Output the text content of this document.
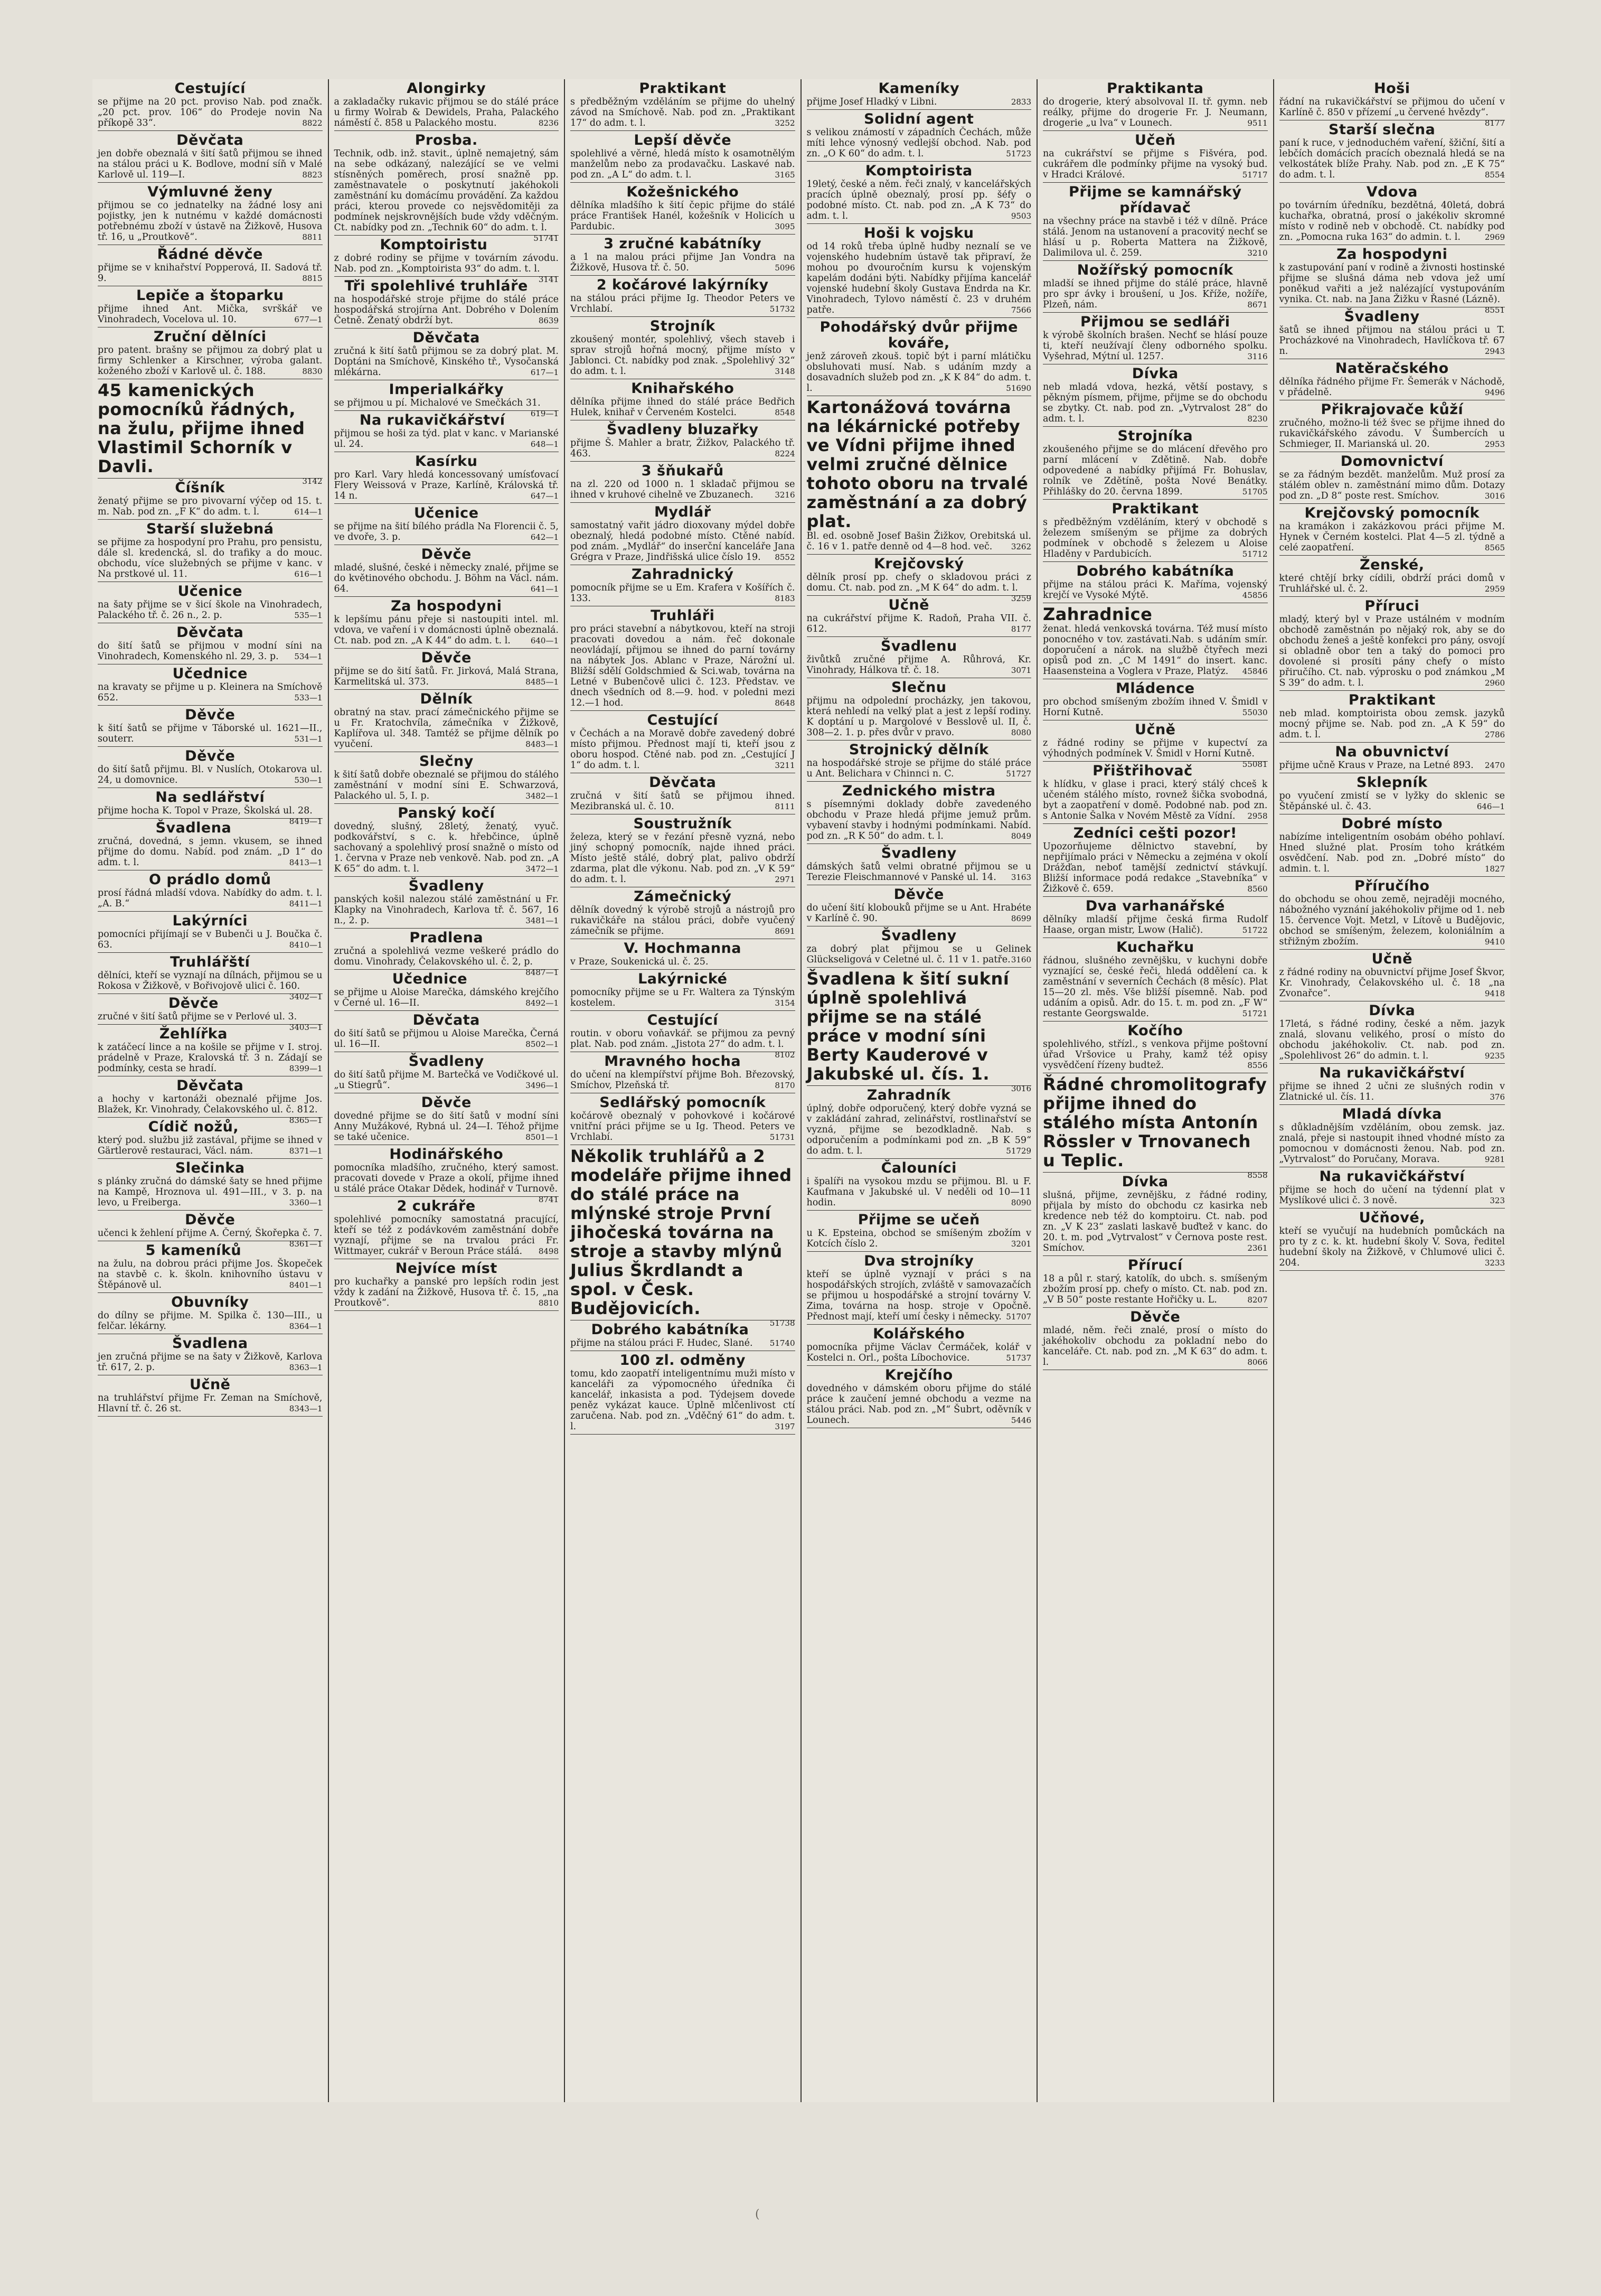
Cestující
se přijme na 20 pct. proviso Nab. pod značk. „20 pct. prov. 106“ do Prodeje novin Na příkopě 33“.	8822
Děvčata
jen dobře obeznalá v šití šatů přijmou se ihned na stálou práci u K. Bodlove, modní síň v Malé Karlově ul. 119—I.	8823
Výmluvné ženy
přijmou se co jednatelky na žádné losy ani pojistky, jen k nutnému v každé domácnosti potřebnému zboží v ústavě na Žižkově, Husova tř. 16, u „Proutkově“.	8811
Řádné děvče
přijme se v knihařství Popperová, II. Sadová tř. 9.	8815
Lepiče a štoparku
přijme ihned Ant. Mička, svrškář ve Vinohradech, Vocelova ul. 10.	677—1
Zruční dělníci
pro patent. brašny se přijmou za dobrý plat u firmy Schlenker a Kirschner, výroba galant. koženého zboží v Karlově ul. č. 188.	8830
45 kamenických pomocníků řádných, na žulu, přijme ihned Vlastimil Schorník v Davli.
3142
Číšník
ženatý přijme se pro pivovarní výčep od 15. t. m. Nab. pod zn. „F K“ do adm. t. l.	614—1
Starší služebná
se přijme za hospodyní pro Prahu, pro pensistu, dále sl. kredencká, sl. do trafiky a do mouc. obchodu, více služebných se přijme v kanc. v Na prstkové ul. 11.	616—1
Učenice
na šaty přijme se v šicí škole na Vinohradech, Palackého tř. č. 26 n., 2. p.	535—1
Děvčata
do šití šatů se přijmou v modní síni na Vinohradech, Komenského nl. 29, 3. p. 534—1
Učednice
na kravaty se přijme u p. Kleinera na Smíchově 652.	533—1
Děvče
k šití šatů se přijme v Táborské ul. 1621—II., souterr.	531—1
Děvče
do šití šatů přijmu. Bl. v Nuslích, Otokarova ul. 24, u domovnice.	530—1
Na sedlářství
přijme hocha K. Topol v Praze, Školská ul. 28.
8419—1
Švadlena
zručná, dovedná, s jemn. vkusem, se ihned přijme do domu. Nabíd. pod znám. „D 1“ do adm. t. l.	8413—1
O prádlo domů
prosí řádná mladší vdova. Nabídky do adm. t. l. „A. B.“	8411—1
Lakýrníci
pomocníci přijímají se v Bubenči u J. Boučka č. 63.	8410—1
Truhlářští
dělníci, kteří se vyznají na dílnách, přijmou se u Rokosa v Žižkově, v Bořivojově ulici č. 160.
3402—1
Děvče
zručné v šití šatů přijme se v Perlové ul. 3.
3403—1
Žehlířka
k zatáčecí lince a na košile se přijme v I. stroj. prádelně v Praze, Kralovská tř. 3 n. Zádají se podmínky, cesta se hradí.	8399—1
Děvčata
a hochy v kartonáži obeznalé přijme Jos. Blažek, Kr. Vinohrady, Čelakovského ul. č. 812.
8365—1
Cídič nožů,
který pod. službu již zastával, přijme se ihned v Gärtlerově restauraci, Václ. nám.	8371—1
Slečinka
s plánky zručná do dámské šaty se hned přijme na Kampě, Hroznova ul. 491—III., v 3. p. na levo, u Freiberga.	3360—1
Děvče
učenci k žehlení přijme A. Černý, Škořepka č. 7.
8361—1
5 kameníků
na žulu, na dobrou práci přijme Jos. Škopeček na stavbě c. k. školn. knihovního ústavu v Štěpánově ul.	8401—1
Obuvníky
do dílny se přijme. M. Spilka č. 130—III., u felčar. lékárny.	8364—1
Švadlena
jen zručná přijme se na šaty v Žižkově, Karlova tř. 617, 2. p.	8363—1
Učně
na truhlářství přijme Fr. Zeman na Smíchově, Hlavní tř. č. 26 st.	8343—1
Alongirky
a zakladačky rukavic přijmou se do stálé práce u firmy Wolrab & Dewidels, Praha, Palackého náměstí č. 858 u Palackého mostu.	8236
Prosba.
Technik, odb. inž. stavit., úplně nemajetný, sám na sebe odkázaný, nalezájící se ve velmi stísněných poměrech, prosí snažně pp. zaměstnavatele o poskytnutí jakéhokoli zaměstnání ku domácímu provádění. Za každou práci, kterou provede co nejsvědomitěji za podmínek nejskrovnějších bude vždy vděčným. Ct. nabídky pod zn. „Technik 60“ do adm. t. l.
51741
Komptoiristu
z dobré rodiny se přijme v továrním závodu. Nab. pod zn. „Komptoirista 93“ do adm. t. l.
3141
Tři spolehlivé truhláře
na hospodářské stroje přijme do stálé práce hospodářská strojírna Ant. Dobrého v Dolením Četně. Ženatý obdrží byt.	8639
Děvčata
zručná k šití šatů přijmou se za dobrý plat. M. Doptáni na Smíchově, Kinského tř., Vysočanská mlékárna.	617—1
Imperialkářky
se přijmou u pí. Michalové ve Smečkách 31.
619—1
Na rukavičkářství
přijmou se hoši za týd. plat v kanc. v Marianské ul. 24.	648—1
Kasírku
pro Karl. Vary hledá koncessovaný umísťovací Flery Weissová v Praze, Karlíně, Královská tř. 14 n.	647—1
Učenice
se přijme na šití bílého prádla Na Florencii č. 5, ve dvoře, 3. p.	642—1
Děvče
mladé, slušné, české i německy znalé, přijme se do květinového obchodu. J. Böhm na Václ. nám. 64.	641—1
Za hospodyni
k lepšímu pánu přeje si nastoupiti intel. ml. vdova, ve vaření i v domácnosti úplně obeznalá. Ct. nab. pod zn. „A K 44“ do adm. t. l.	640—1
Děvče
přijme se do šití šatů. Fr. Jirková, Malá Strana, Karmelitská ul. 373.	8485—1
Dělník
obratný na stav. prací zámečnického přijme se u Fr. Kratochvíla, zámečníka v Žižkově, Kaplířova ul. 348. Tamtéž se přijme dělník po vyučení.	8483—1
Slečny
k šití šatů dobře obeznalé se přijmou do stálého zaměstnání v modní síni E. Schwarzová, Palackého ul. 5, I. p.	3482—1
Panský kočí
dovedný, slušný, 28letý, ženatý, vyuč. podkovářství, s c. k. hřebčince, úplně sachovaný a spolehlivý prosí snažně o místo od 1. června v Praze neb venkově. Nab. pod zn. „A K 65“ do adm. t. l.	3472—1
Švadleny
panských košil nalezou stálé zaměstnání u Fr. Klapky na Vinohradech, Karlova tř. č. 567, 16 n., 2. p.	3481—1
Pradlena
zručná a spolehlivá vezme veškeré prádlo do domu. Vinohrady, Čelakovského ul. č. 2, p.
8487—1
Učednice
se přijme u Aloise Marečka, dámského krejčího v Černé ul. 16—II.	8492—1
Děvčata
do šití šatů se přijmou u Aloise Marečka, Černá ul. 16—II.	8502—1
Švadleny
do šití šatů přijme M. Bartečká ve Vodičkové ul. „u Stiegrů“.	3496—1
Děvče
dovedné přijme se do šití šatů v modní síni Anny Mužákové, Rybná ul. 24—I. Téhož přijme se také učenice.	8501—1
Hodinářského
pomocníka mladšího, zručného, který samost. pracovati dovede v Praze a okolí, přijme ihned u stálé práce Otakar Dědek, hodinář v Turnově.
8741
2 cukráře
spolehlivé pomocníky samostatná pracující, kteří se též z podávkovém zaměstnání dobře vyznají, přijme se na trvalou práci Fr. Wittmayer, cukrář v Beroun Práce stálá. 8498
Nejvíce míst
pro kuchařky a panské pro lepších rodin jest vždy k zadání na Žižkově, Husova tř. č. 15, „na Proutkově“.	8810
Praktikant
s předběžným vzděláním se přijme do uhelný závod na Smíchově. Nab. pod zn. „Praktikant 17“ do adm. t. l.	3252
Lepší děvče
spolehlivé a věrné, hledá místo k osamotnělým manželům nebo za prodavačku. Laskavé nab. pod zn. „A L“ do adm. t. l.	3165
Kožešnického
dělníka mladšího k šití čepic přijme do stálé práce František Hanél, kožešník v Holicích u Pardubic.	3095
3 zručné kabátníky
a 1 na malou práci přijme Jan Vondra na Žižkově, Husova tř. č. 50.	5096
2 kočárové lakýrníky
na stálou práci přijme Ig. Theodor Peters ve Vrchlabí.	51732
Strojník
zkoušený montér, spolehlivý, všech staveb i sprav strojů hořná mocný, přijme místo v Jablonci. Ct. nabídky pod znak. „Spolehlivý 32“ do adm. t. l.	3148
Knihařského
dělníka přijme ihned do stálé práce Bedřich Hulek, knihař v Červeném Kostelci.	8548
Švadleny bluzařky
přijme Š. Mahler a bratr, Žižkov, Palackého tř. 463.	8224
3 šňukařů
na zl. 220 od 1000 n. 1 skladač přijmou se ihned v kruhové cihelně ve Zbuzanech.	3216
Mydlář
samostatný vařit jádro dioxovany mýdel dobře obeznalý, hledá podobné místo. Ctěné nabíd. pod znám. „Mydlář“ do inserční kanceláře Jana Grégra v Praze, Jindřišská ulice číslo 19. 8552
Zahradnický
pomocník přijme se u Em. Krafera v Košířích č. 133.	8183
Truhláři
pro práci stavební a nábytkovou, kteří na stroji pracovati dovedou a nám. řeč dokonale neovládají, přijmou se ihned do parní továrny na nábytek Jos. Ablanc v Praze, Nárožní ul. Bližší sdělí Goldschmied & Sci.wab, továrna na Letné v Bubenčově ulici č. 123. Představ. ve dnech všedních od 8.—9. hod. v poledni mezi 12.—1 hod.	8648
Cestující
v Čechách a na Moravě dobře zavedený dobré místo přijmou. Přednost mají ti, kteří jsou z oboru hospod. Ctěné nab. pod zn. „Cestující J 1“ do adm. t. l.	3211
Děvčata
zručná v šití šatů se přijmou ihned. Mezibranská ul. č. 10.	8111
Soustružník
železa, který se v řezání přesně vyzná, nebo jiný schopný pomocník, najde ihned práci. Místo ještě stálé, dobrý plat, palivo obdrží zdarma, plat dle výkonu. Nab. pod zn. „V K 59“ do adm. t. l.	2971
Zámečnický
dělník dovedný k výrobě strojů a nástrojů pro rukavičkáře na stálou práci, dobře vyučený zámečník se přijme.	8691
V. Hochmanna
v Praze, Soukenická ul. č. 25.
Lakýrnické
pomocníky přijme se u Fr. Waltera za Týnským kostelem.	3154
Cestující
routin. v oboru voňavkář. se přijmou za pevný plat. Nab. pod znám. „Jistota 27“ do adm. t. l.
8102
Mravného hocha
do učení na klempířství přijme Boh. Březovský, Smíchov, Plzeňská tř.	8170
Sedlářský pomocník
kočárově obeznalý v pohovkové i kočárové vnitřní práci přijme se u Ig. Theod. Peters ve Vrchlabí.	51731
Několik truhlářů a 2 modeláře přijme ihned do stálé práce na mlýnské stroje První jihočeská továrna na stroje a stavby mlýnů Julius Škrdlandt a spol. v Česk. Budějovicích.
51738
Dobrého kabátníka
přijme na stálou práci F. Hudec, Slané. 51740
100 zl. odměny
tomu, kdo zaopatří inteligentnímu muži místo v kanceláři za výpomocného úředníka či kancelář, inkasista a pod. Týdejsem dovede peněz vykázat kauce. Úplně mlčenlivost ctí zaručena. Nab. pod zn. „Vděčný 61“ do adm. t. l.	3197
Kameníky
přijme Josef Hladký v Libni.	2833
Solidní agent
s velikou známostí v západních Čechách, může míti lehce výnosný vedlejší obchod. Nab. pod zn. „O K 60“ do adm. t. l.	51723
Komptoirista
19letý, české a něm. řeči znalý, v kancelářských pracích úplně obeznalý, prosí pp. šéfy o podobné místo. Ct. nab. pod zn. „A K 73“ do adm. t. l.	9503
Hoši k vojsku
od 14 roků třeba úplně hudby neznalí se ve vojenského hudebním ústavě tak připraví, že mohou po dvouročním kursu k vojenským kapelám dodáni býti. Nabídky přijíma kancelář vojenské hudební školy Gustava Endrda na Kr. Vinohradech, Tylovo náměstí č. 23 v druhém patře.	7566
Pohodářský dvůr přijme kováře,
jenž zároveň zkouš. topič být i parní mlátičku obsluhovati musí. Nab. s udáním mzdy a dosavadních služeb pod zn. „K K 84“ do adm. t. l.	51690
Kartonážová továrna na lékárnické potřeby ve Vídni přijme ihned velmi zručné dělnice tohoto oboru na trvalé zaměstnání a za dobrý plat.
Bl. ed. osobně Josef Bašin Žižkov, Orebitská ul. č. 16 v 1. patře denně od 4—8 hod. več. 3262
Krejčovský
dělník prosí pp. chefy o skladovou práci z domu. Ct. nab. pod zn. „M K 64“ do adm. t. l.
3259
Učně
na cukrářství přijme K. Radoň, Praha VII. č. 612.	8177
Švadlenu
živůtků zručné přijme A. Růhrová, Kr. Vinohrady, Hálkova tř. č. 18.	3071
Slečnu
přijmu na odpolední procházky, jen takovou, která nehledí na velký plat a jest z lepší rodiny. K doptání u p. Margolové v Besslově ul. II, č. 308—2. 1. p. přes dvůr v pravo.	8080
Strojnický dělník
na hospodářské stroje se přijme do stálé práce u Ant. Belichara v Chinnci n. C.	51727
Zednického mistra
s písemnými doklady dobře zavedeného obchodu v Praze hledá přijme jemuž prům. vybavení stavby i hodnými podmínkami. Nabíd. pod zn. „R K 50“ do adm. t. l.	8049
Švadleny
dámských šatů velmi obratné přijmou se u Terezie Fleischmannové v Panské ul. 14. 3163
Děvče
do učení šití klobouků přijme se u Ant. Hrabéte v Karlíně č. 90.	8699
Švadleny
za dobrý plat přijmou se u Gelinek Glückseligová v Celetné ul. č. 11 v 1. patře. 3160
Švadlena k šití sukní úplně spolehlivá přijme se na stálé práce v modní síni Berty Kauderové v Jakubské ul. čís. 1.
3016
Zahradník
úplný, dobře odporučený, který dobře vyzná se v zakládání zahrad, zelinářství, rostlinařství se vyzná, přijme se bezodkladně. Nab. s odporučením a podmínkami pod zn. „B K 59“ do adm. t. l.	51729
Čalouníci
i špalíři na vysokou mzdu se přijmou. Bl. u F. Kaufmana v Jakubské ul. V neděli od 10—11 hodin.	8090
Přijme se učeň
u K. Epsteina, obchod se smíšeným zbožím v Kotcích číslo 2.	3201
Dva strojníky
kteří se úplně vyznají v práci s na hospodářských strojích, zvláště v samovazačích se přijmou u hospodářské a strojní továrny V. Zima, továrna na hosp. stroje v Opočně. Přednost mají, kteří umí česky i německy. 51707
Kolářského
pomocníka přijme Václav Čermáček, kolář v Kostelci n. Orl., pošta Líbochovice.	51737
Krejčího
dovedného v dámském oboru přijme do stálé práce k zaučení jemné obchodu a vezme na stálou práci. Nab. pod zn. „M“ Šubrt, oděvník v Lounech.	5446
Praktikanta
do drogerie, který absolvoval II. tř. gymn. neb reálky, přijme do drogerie Fr. J. Neumann, drogerie „u lva“ v Lounech.	9511
Učeň
na cukrářství se přijme s Fišvéra, pod. cukrářem dle podmínky přijme na vysoký bud. v Hradci Králové.	51717
Přijme se kamnářský přídavač
na všechny práce na stavbě i též v dílně. Práce stálá. Jenom na ustanovení a pracovitý nechť se hlásí u p. Roberta Mattera na Žižkově, Dalimilova ul. č. 259.	3210
Nožířský pomocník
mladší se ihned přijme do stálé práce, hlavně pro spr ávky i broušení, u Jos. Kříže, nožíře, Plzeň, nám.	8671
Přijmou se sedláři
k výrobě školních brašen. Nechť se hlásí pouze ti, kteří neužívají členy odborného spolku. Vyšehrad, Mýtní ul. 1257.	3116
Dívka
neb mladá vdova, hezká, větší postavy, s pěkným písmem, přijme, přijme se do obchodu se zbytky. Ct. nab. pod zn. „Vytrvalost 28“ do adm. t. l.	8230
Strojníka
zkoušeného přijme se do mlácení dřevěho pro parní mlácení v Zdětině. Nab. dobře odpovedené a nabídky přijímá Fr. Bohuslav, rolník ve Zdětíně, pošta Nové Benátky. Přihlášky do 20. června 1899.	51705
Praktikant
s předběžným vzděláním, který v obchodě s železem smíšeným se přijme za dobrých podmínek v obchodě s železem u Aloise Hladěny v Pardubicích.	51712
Dobrého kabátníka
přijme na stálou práci K. Maříma, vojenský krejčí ve Vysoké Mýtě.	45856
Zahradnice
ženat. hledá venkovská továrna. Též musí místo ponocného v tov. zastávati.Nab. s udáním smír. doporučení a nárok. na službě čtyřech mezi opisů pod zn. „C M 1491“ do insert. kanc. Haasensteina a Voglera v Praze, Platýz. 45846
Mládence
pro obchod smíšeným zbožím ihned V. Šmidl v Horní Kutně.	55030
Učně
z řádné rodiny se přijme v kupectví za výhodných podmínek V. Šmidl v Horní Kutně.
55081
Přištřihovač
k hlídku, v glase i praci, který stálý chceš k učeném stálého místo, rovnež šička svobodná, byt a zaopatření v domě. Podobné nab. pod zn. s Antonie Šalka v Novém Městě za Vídní. 2958
Zedníci cešti pozor!
Upozorňujeme dělnictvo stavební, by nepřijímalo práci v Německu a zejména v okolí Drážďan, neboť tamější zednictví stávkují. Bližší informace podá redakce „Stavebníka“ v Žižkově č. 659.	8560
Dva varhanářské
dělníky mladší přijme česká firma Rudolf Haase, organ mistr, Lwow (Halič).	51722
Kuchařku
řádnou, slušného zevnějšku, v kuchyni dobře vyznající se, české řeči, hledá oddělení ca. k zaměstnání v severních Čechách (8 měsíc). Plat 15—20 zl. měs. Vše bližší písemně. Nab. pod udáním a opisů. Adr. do 15. t. m. pod zn. „F W“ restante Georgswalde.	51721
Kočího
spolehlivého, střízl., s venkova přijme poštovní úřad Vršovice u Prahy, kamž též opisy vysvědčení řízeny budtež.	8556
Řádné chromolitografy přijme ihned do stálého místa Antonín Rössler v Trnovanech u Teplic.
8558
Dívka
slušná, přijme, zevnějšku, z řádné rodiny, přijala by místo do obchodu cz kasirka neb kredence neb též do komptoiru. Ct. nab. pod zn. „V K 23“ zaslati laskavě buďtež v kanc. do 20. t. m. pod „Vytrvalost“ v Černova poste rest. Smíchov.	2361
Přírucí
18 a půl r. starý, katolík, do ubch. s. smíšeným zbožím prosí pp. chefy o místo. Ct. nab. pod zn. „V B 50“ poste restante Hořičky u. L.	8207
Děvče
mladé, něm. řeči znalé, prosí o místo do jakéhokoliv obchodu za pokladní nebo do kanceláře. Ct. nab. pod zn. „M K 63“ do adm. t. l.	8066
Hoši
řádní na rukavičkářství se přijmou do učení v Karlíně č. 850 v přízemí „u červené hvězdy“.
8177
Starší slečna
paní k ruce, v jednoduchém vaření, šžiční, šití a lebčích domácích pracích obeznalá hledá se na velkostátek blíže Prahy. Nab. pod zn. „E K 75“ do adm. t. l.	8554
Vdova
po továrním úředníku, bezdětná, 40letá, dobrá kuchařka, obratná, prosí o jakékoliv skromné místo v rodině neb v obchodě. Ct. nabídky pod zn. „Pomocna ruka 163“ do admin. t. l.	2969
Za hospodyni
k zastupování paní v rodině a živnosti hostinské přijme se slušná dáma neb vdova jež umí poněkud vařiti a jež nalézající vystupováním vynika. Ct. nab. na Jana Žižku v Řasné (Lázně).
8551
Švadleny
šatů se ihned přijmou na stálou práci u T. Procházkové na Vinohradech, Havlíčkova tř. 67 n.	2943
Natěračského
dělníka řádného přijme Fr. Šemerák v Náchodě, v přádelně.	9496
Přikrajovače kůží
zručného, možno-li též švec se přijme ihned do rukavičkářského závodu. V Šumbercích u Schmieger, II. Marianská ul. 20.	2953
Domovnictví
se za řádným bezdět. manželům. Muž prosí za stálém oblev n. zaměstnání mimo dům. Dotazy pod zn. „D 8“ poste rest. Smíchov.	3016
Krejčovský pomocník
na kramákon i zakázkovou práci přijme M. Hynek v Černém kostelci. Plat 4—5 zl. týdně a celé zaopatření.	8565
Ženské,
které chtějí brky cídili, obdrží práci domů v Truhlářské ul. č. 2.	2959
Příruci
mladý, který byl v Praze ustálném v modním obchodě zaměstnán po nějaký rok, aby se do obchodu ženeš a ještě konfekci pro pány, osvojí si obladně obor ten a taký do pomoci pro dovolené si prosíti pány chefy o místo přiručího. Ct. nab. výprosku o pod známkou „M S 39“ do adm. t. l.	2960
Praktikant
neb mlad. komptoirista obou zemsk. jazyků mocný přijme se. Nab. pod zn. „A K 59“ do adm. t. l.	2786
Na obuvnictví
přijme učně Kraus v Praze, na Letné 893. 2470
Sklepník
po vyučení zmistí se v lyžky do sklenic se Štěpánské ul. č. 43.	646—1
Dobré místo
nabízíme inteligentním osobám obého pohlaví. Hned služné plat. Prosím toho krátkém osvědčení. Nab. pod zn. „Dobré místo“ do admin. t. l.	1827
Příručího
do obchodu se ohou země, nejraději mocného, nábožného vyznání jakéhokoliv přijme od 1. neb 15. července Vojt. Metzl, v Lítově u Budějovic, obchod se smíšeným, železem, koloniálním a střižným zbožím.	9410
Učně
z řádné rodiny na obuvnictví přijme Josef Škvor, Kr. Vinohrady, Čelakovského ul. č. 18 „na Zvonařce“.	9418
Dívka
17letá, s řádné rodiny, české a něm. jazyk znalá, slovanu velikého, prosí o místo do obchodu jakéhokoliv. Ct. nab. pod zn. „Spolehlivost 26“ do admin. t. l.	9235
Na rukavičkářství
přijme se ihned 2 učni ze slušných rodin v Zlatnické ul. čís. 11.	376
Mladá dívka
s důkladnějším vzděláním, obou zemsk. jaz. znalá, přeje si nastoupit ihned vhodné místo za pomocnou v domácnosti ženou. Nab. pod zn. „Vytrvalost“ do Poručany, Morava.	9281
Na rukavičkářství
přijme se hoch do učení na týdenní plat v Myslíkové ulici č. 3 nově.	323
Učňové,
kteří se vyučují na hudebních pomůckách na pro ty z c. k. kt. hudební školy V. Sova, ředitel hudební školy na Žižkově, v Chlumové ulici č. 204.	3233
(
